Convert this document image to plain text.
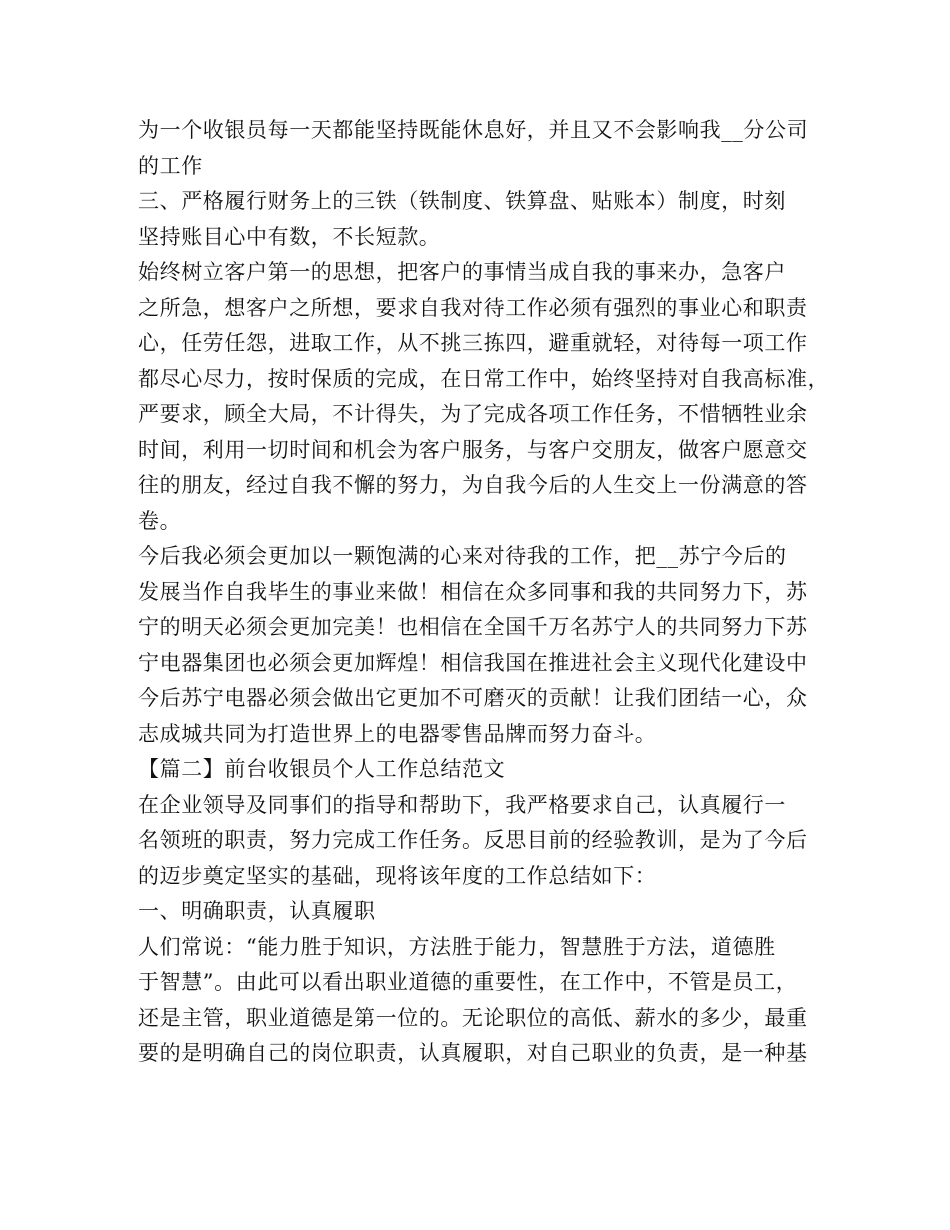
为一个收银员每一天都能坚持既能休息好，并且又不会影响我__分公司
的工作
三、严格履行财务上的三铁（铁制度、铁算盘、贴账本）制度，时刻
坚持账目心中有数，不长短款。
始终树立客户第一的思想，把客户的事情当成自我的事来办，急客户
之所急，想客户之所想，要求自我对待工作必须有强烈的事业心和职责
心，任劳任怨，进取工作，从不挑三拣四，避重就轻，对待每一项工作
都尽心尽力，按时保质的完成，在日常工作中，始终坚持对自我高标准，
严要求，顾全大局，不计得失，为了完成各项工作任务，不惜牺牲业余
时间，利用一切时间和机会为客户服务，与客户交朋友，做客户愿意交
往的朋友，经过自我不懈的努力，为自我今后的人生交上一份满意的答
卷。
今后我必须会更加以一颗饱满的心来对待我的工作，把__苏宁今后的
发展当作自我毕生的事业来做！相信在众多同事和我的共同努力下，苏
宁的明天必须会更加完美！也相信在全国千万名苏宁人的共同努力下苏
宁电器集团也必须会更加辉煌！相信我国在推进社会主义现代化建设中
今后苏宁电器必须会做出它更加不可磨灭的贡献！让我们团结一心，众
志成城共同为打造世界上的电器零售品牌而努力奋斗。
【篇二】前台收银员个人工作总结范文
在企业领导及同事们的指导和帮助下，我严格要求自己，认真履行一
名领班的职责，努力完成工作任务。反思目前的经验教训，是为了今后
的迈步奠定坚实的基础，现将该年度的工作总结如下：
一、明确职责，认真履职
人们常说：“能力胜于知识，方法胜于能力，智慧胜于方法，道德胜
于智慧”。由此可以看出职业道德的重要性，在工作中，不管是员工，
还是主管，职业道德是第一位的。无论职位的高低、薪水的多少，最重
要的是明确自己的岗位职责，认真履职，对自己职业的负责，是一种基
